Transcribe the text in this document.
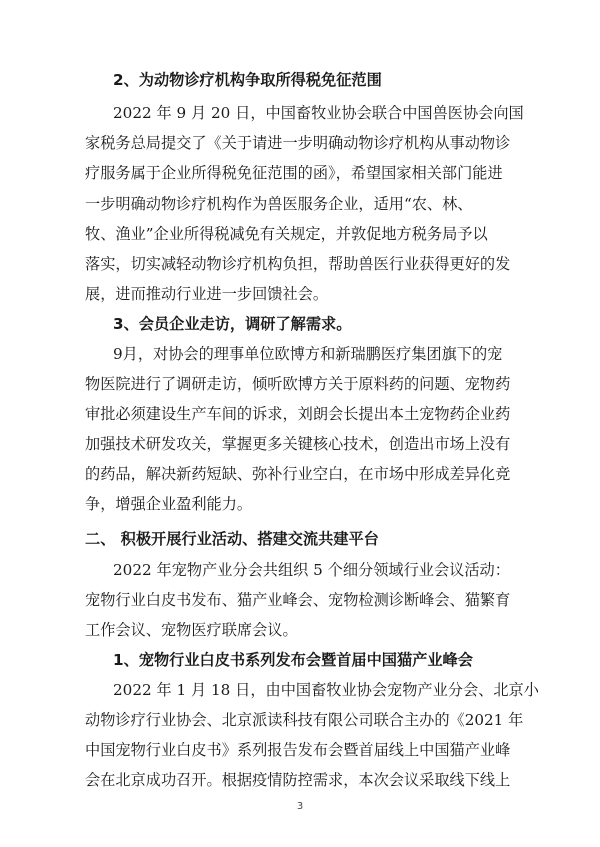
2、为动物诊疗机构争取所得税免征范围
2022 年 9 月 20 日，中国畜牧业协会联合中国兽医协会向国
家税务总局提交了《关于请进一步明确动物诊疗机构从事动物诊
疗服务属于企业所得税免征范围的函》，希望国家相关部门能进
一步明确动物诊疗机构作为兽医服务企业，适用“农、林、
牧、渔业”企业所得税减免有关规定，并敦促地方税务局予以
落实，切实减轻动物诊疗机构负担，帮助兽医行业获得更好的发
展，进而推动行业进一步回馈社会。
3、会员企业走访，调研了解需求。
9月，对协会的理事单位欧博方和新瑞鹏医疗集团旗下的宠
物医院进行了调研走访，倾听欧博方关于原料药的问题、宠物药
审批必须建设生产车间的诉求，刘朗会长提出本土宠物药企业药
加强技术研发攻关，掌握更多关键核心技术，创造出市场上没有
的药品，解决新药短缺、弥补行业空白，在市场中形成差异化竞
争，增强企业盈利能力。
二、 积极开展行业活动、搭建交流共建平台
2022 年宠物产业分会共组织 5 个细分领域行业会议活动：
宠物行业白皮书发布、猫产业峰会、宠物检测诊断峰会、猫繁育
工作会议、宠物医疗联席会议。
1、宠物行业白皮书系列发布会暨首届中国猫产业峰会
2022 年 1 月 18 日，由中国畜牧业协会宠物产业分会、北京小
动物诊疗行业协会、北京派读科技有限公司联合主办的《2021 年
中国宠物行业白皮书》系列报告发布会暨首届线上中国猫产业峰
会在北京成功召开。根据疫情防控需求，本次会议采取线下线上
3
